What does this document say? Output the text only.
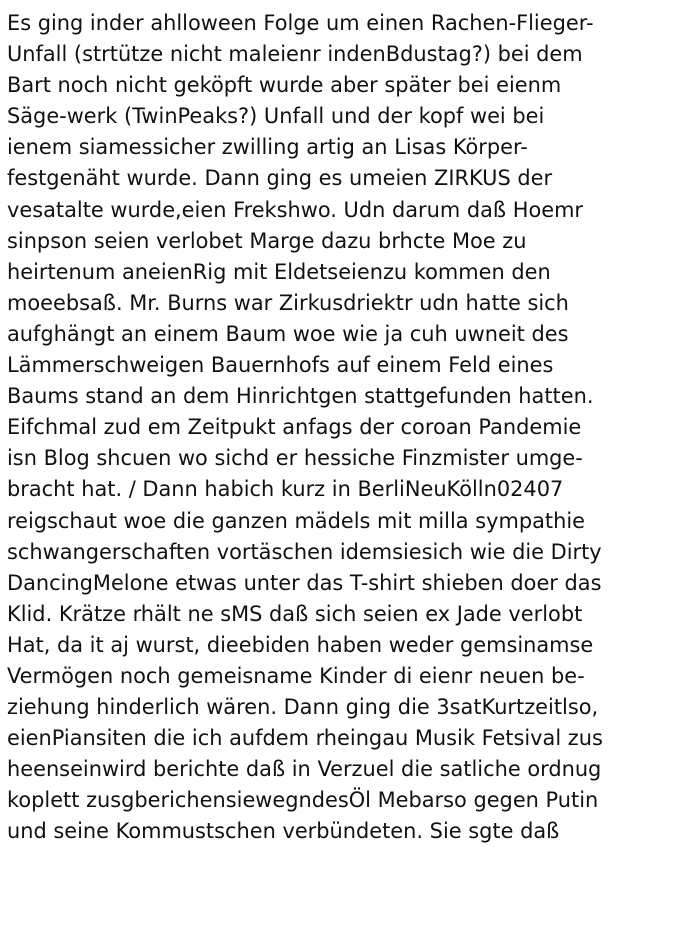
Es ging inder ahlloween Folge um einen Rachen-Flieger-
Unfall (strtütze nicht maleienr indenBdustag?) bei dem
Bart noch nicht geköpft wurde aber später bei eienm
Säge-werk (TwinPeaks?) Unfall und der kopf wei bei
ienem siamessicher zwilling artig an Lisas Körper-
festgenäht wurde. Dann ging es umeien ZIRKUS der
vesatalte wurde,eien Frekshwo. Udn darum daß Hoemr
sinpson seien verlobet Marge dazu brhcte Moe zu
heirtenum aneienRig mit Eldetseienzu kommen den
moeebsaß. Mr. Burns war Zirkusdriektr udn hatte sich
aufghängt an einem Baum woe wie ja cuh uwneit des
Lämmerschweigen Bauernhofs auf einem Feld eines
Baums stand an dem Hinrichtgen stattgefunden hatten.
Eifchmal zud em Zeitpukt anfags der coroan Pandemie
isn Blog shcuen wo sichd er hessiche Finzmister umge-
bracht hat. / Dann habich kurz in BerliNeuKölln02407
reigschaut woe die ganzen mädels mit milla sympathie
schwangerschaften vortäschen idemsiesich wie die Dirty
DancingMelone etwas unter das T-shirt shieben doer das
Klid. Krätze rhält ne sMS daß sich seien ex Jade verlobt
Hat, da it aj wurst, dieebiden haben weder gemsinamse
Vermögen noch gemeisname Kinder di eienr neuen be-
ziehung hinderlich wären. Dann ging die 3satKurtzeitlso,
eienPiansiten die ich aufdem rheingau Musik Fetsival zus
heenseinwird berichte daß in Verzuel die satliche ordnug
koplett zusgberichensiewegndesÖl Mebarso gegen Putin
und seine Kommustschen verbündeten. Sie sgte daß
